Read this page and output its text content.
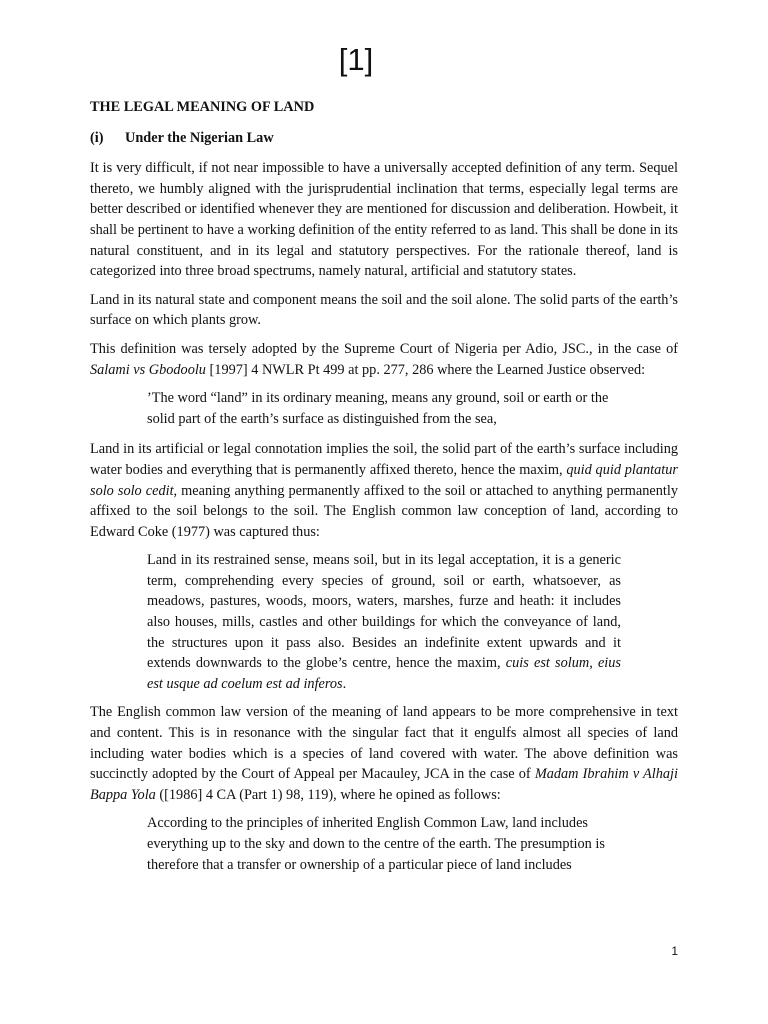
[1]
THE LEGAL MEANING OF LAND
(i) Under the Nigerian Law

It is very difficult, if not near impossible to have a universally accepted definition of any term. Sequel thereto, we humbly aligned with the jurisprudential inclination that terms, especially legal terms are better described or identified whenever they are mentioned for discussion and deliberation. Howbeit, it shall be pertinent to have a working definition of the entity referred to as land. This shall be done in its natural constituent, and in its legal and statutory perspectives. For the rationale thereof, land is categorized into three broad spectrums, namely natural, artificial and statutory states.

Land in its natural state and component means the soil and the soil alone. The solid parts of the earth’s surface on which plants grow.

This definition was tersely adopted by the Supreme Court of Nigeria per Adio, JSC., in the case of Salami vs Gbodoolu [1997] 4 NWLR Pt 499 at pp. 277, 286 where the Learned Justice observed:

’The word “land” in its ordinary meaning, means any ground, soil or earth or the solid part of the earth’s surface as distinguished from the sea,

Land in its artificial or legal connotation implies the soil, the solid part of the earth’s surface including water bodies and everything that is permanently affixed thereto, hence the maxim, quid quid plantatur solo solo cedit, meaning anything permanently affixed to the soil or attached to anything permanently affixed to the soil belongs to the soil. The English common law conception of land, according to Edward Coke (1977) was captured thus:

Land in its restrained sense, means soil, but in its legal acceptation, it is a generic term, comprehending every species of ground, soil or earth, whatsoever, as meadows, pastures, woods, moors, waters, marshes, furze and heath: it includes also houses, mills, castles and other buildings for which the conveyance of land, the structures upon it pass also. Besides an indefinite extent upwards and it extends downwards to the globe’s centre, hence the maxim, cuis est solum, eius est usque ad coelum est ad inferos.

The English common law version of the meaning of land appears to be more comprehensive in text and content. This is in resonance with the singular fact that it engulfs almost all species of land including water bodies which is a species of land covered with water. The above definition was succinctly adopted by the Court of Appeal per Macauley, JCA in the case of Madam Ibrahim v Alhaji Bappa Yola ([1986] 4 CA (Part 1) 98, 119), where he opined as follows:

According to the principles of inherited English Common Law, land includes everything up to the sky and down to the centre of the earth. The presumption is therefore that a transfer or ownership of a particular piece of land includes

1
